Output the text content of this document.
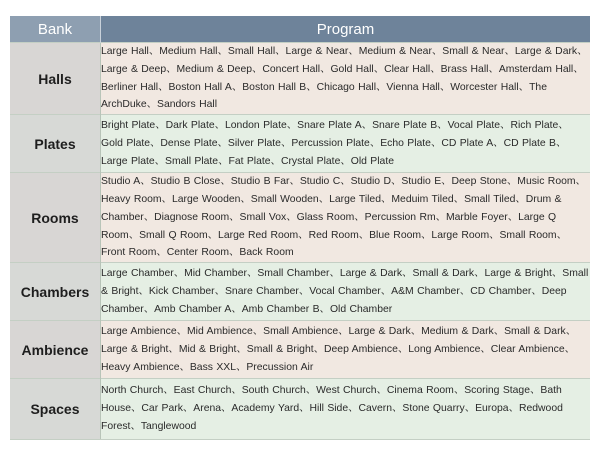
Bank	Program
Halls	Large Hall、Medium Hall、Small Hall、Large & Near、Medium & Near、Small & Near、Large & Dark、Large & Deep、Medium & Deep、Concert Hall、Gold Hall、Clear Hall、Brass Hall、Amsterdam Hall、Berliner Hall、Boston Hall A、Boston Hall B、Chicago Hall、Vienna Hall、Worcester Hall、The ArchDuke、Sandors Hall
Plates	Bright Plate、Dark Plate、London Plate、Snare Plate A、Snare Plate B、Vocal Plate、Rich Plate、Gold Plate、Dense Plate、Silver Plate、Percussion Plate、Echo Plate、CD Plate A、CD Plate B、Large Plate、Small Plate、Fat Plate、Crystal Plate、Old Plate
Rooms	Studio A、Studio B Close、Studio B Far、Studio C、Studio D、Studio E、Deep Stone、Music Room、Heavy Room、Large Wooden、Small Wooden、Large Tiled、Meduim Tiled、Small Tiled、Drum & Chamber、Diagnose Room、Small Vox、Glass Room、Percussion Rm、Marble Foyer、Large Q Room、Small Q Room、Large Red Room、Red Room、Blue Room、Large Room、Small Room、Front Room、Center Room、Back Room
Chambers	Large Chamber、Mid Chamber、Small Chamber、Large & Dark、Small & Dark、Large & Bright、Small & Bright、Kick Chamber、Snare Chamber、Vocal Chamber、A&M Chamber、CD Chamber、Deep Chamber、Amb Chamber A、Amb Chamber B、Old Chamber
Ambience	Large Ambience、Mid Ambience、Small Ambience、Large & Dark、Medium & Dark、Small & Dark、Large & Bright、Mid & Bright、Small & Bright、Deep Ambience、Long Ambience、Clear Ambience、Heavy Ambience、Bass XXL、Precussion Air
Spaces	North Church、East Church、South Church、West Church、Cinema Room、Scoring Stage、Bath House、Car Park、Arena、Academy Yard、Hill Side、Cavern、Stone Quarry、Europa、Redwood Forest、Tanglewood
